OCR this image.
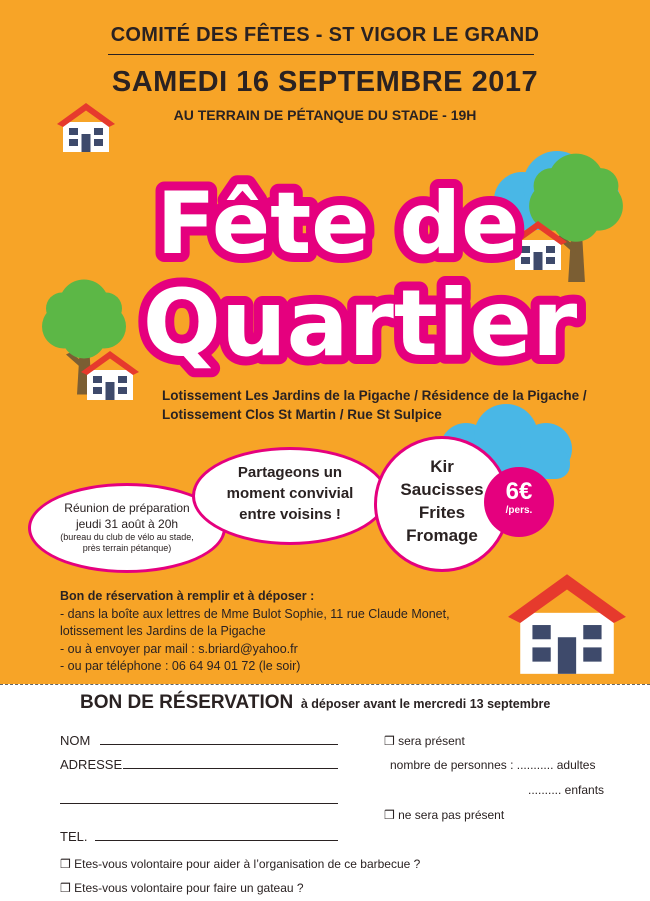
COMITÉ DES FÊTES - ST VIGOR LE GRAND
SAMEDI 16 SEPTEMBRE 2017
AU TERRAIN DE PÉTANQUE DU STADE - 19H
Fête de
Quartier
Lotissement Les Jardins de la Pigache / Résidence de la Pigache /
Lotissement Clos St Martin / Rue St Sulpice
Réunion de préparation
jeudi 31 août à 20h
(bureau du club de vélo au stade,
près terrain pétanque)
Partageons un
moment convivial
entre voisins !
Kir
Saucisses
Frites
Fromage
6€
/pers.
Bon de réservation à remplir et à déposer :
- dans la boîte aux lettres de Mme Bulot Sophie, 11 rue Claude Monet,
lotissement les Jardins de la Pigache
- ou à envoyer par mail : s.briard@yahoo.fr
- ou par téléphone : 06 64 94 01 72 (le soir)
BON DE RÉSERVATION à déposer avant le mercredi 13 septembre
NOM
ADRESSE
TEL.
❒ sera présent
nombre de personnes : ........... adultes
.......... enfants
❒ ne sera pas présent
❒ Etes-vous volontaire pour aider à l’organisation de ce barbecue ?
❒ Etes-vous volontaire pour faire un gateau ?
